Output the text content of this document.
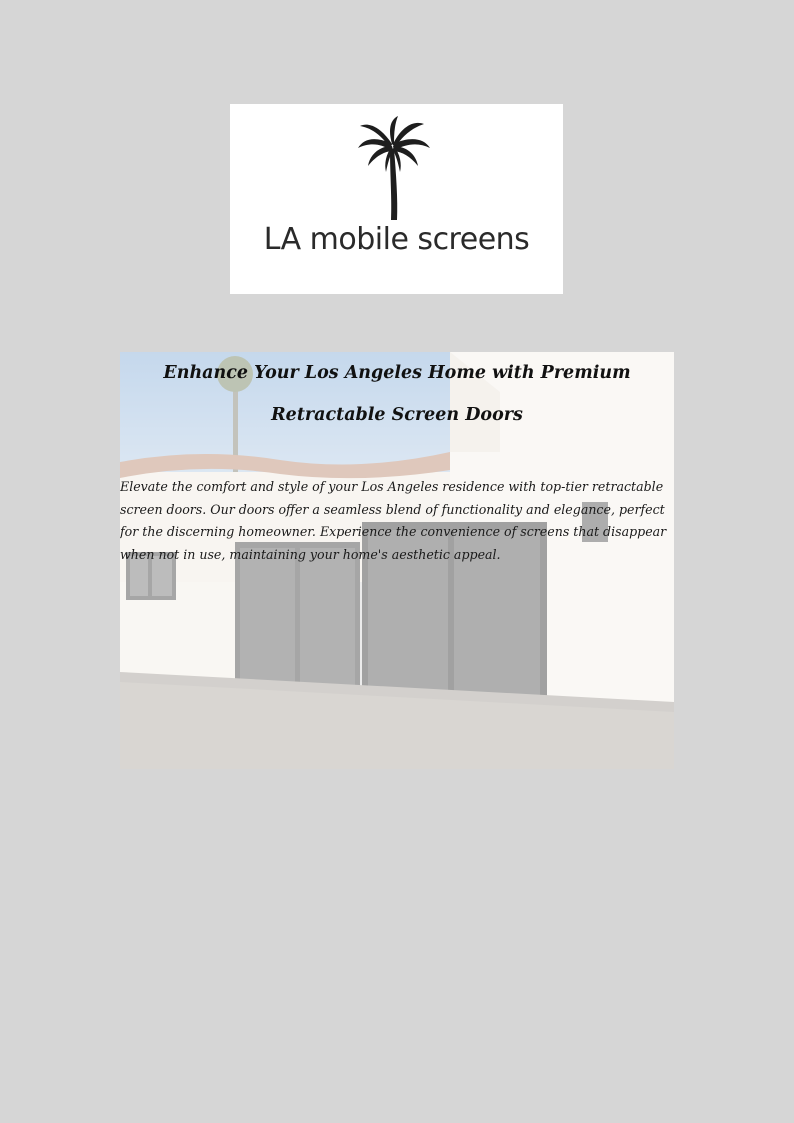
LA mobile screens
Enhance Your Los Angeles Home with Premium Retractable Screen Doors

Elevate the comfort and style of your Los Angeles residence with top-tier retractable screen doors. Our doors offer a seamless blend of functionality and elegance, perfect for the discerning homeowner. Experience the convenience of screens that disappear when not in use, maintaining your home's aesthetic appeal.
